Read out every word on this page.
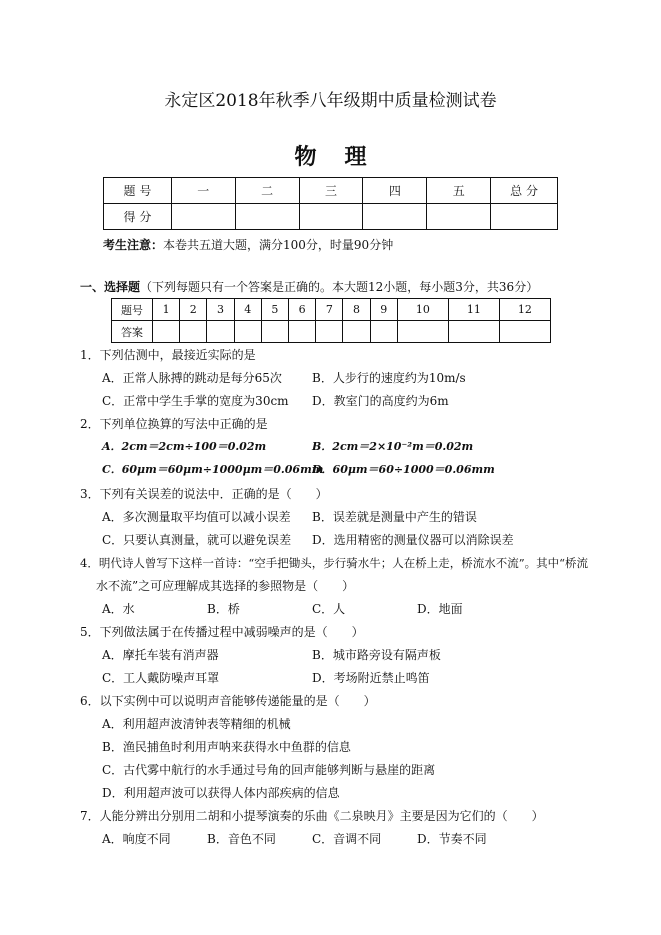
永定区2018年秋季八年级期中质量检测试卷
物理
题 号	一	二	三	四	五	总 分
得 分						
考生注意：本卷共五道大题，满分100分，时量90分钟
一、选择题（下列每题只有一个答案是正确的。本大题12小题，每小题3分，共36分）
题号	1	2	3	4	5	6	7	8	9	10	11	12
答案												
1．下列估测中，最接近实际的是
A．正常人脉搏的跳动是每分65次	B．人步行的速度约为10m/s
C．正常中学生手掌的宽度为30cm D．教室门的高度约为6m
2．下列单位换算的写法中正确的是
A．2cm＝2cm÷100＝0.02m	B．2cm＝2×10⁻²m＝0.02m
C．60μm＝60μm÷1000μm＝0.06mm
D．60μm＝60÷1000＝0.06mm
3．下列有关误差的说法中．正确的是（　　）
A．多次测量取平均值可以减小误差 B．误差就是测量中产生的错误
C．只要认真测量，就可以避免误差 D．选用精密的测量仪器可以消除误差
4．明代诗人曾写下这样一首诗：“空手把锄头，步行骑水牛；人在桥上走，桥流水不流”。其中“桥流
水不流”之可应理解成其选择的参照物是（　　）
A．水	B．桥	C．人	D．地面
5．下列做法属于在传播过程中减弱噪声的是（　　）
A．摩托车装有消声器	B．城市路旁设有隔声板
C．工人戴防噪声耳罩	D．考场附近禁止鸣笛
6．以下实例中可以说明声音能够传递能量的是（　　）
A．利用超声波清钟表等精细的机械
B．渔民捕鱼时利用声呐来获得水中鱼群的信息
C．古代雾中航行的水手通过号角的回声能够判断与悬崖的距离
D．利用超声波可以获得人体内部疾病的信息
7．人能分辨出分别用二胡和小提琴演奏的乐曲《二泉映月》主要是因为它们的（　　）
A．响度不同	B．音色不同	C．音调不同	D．节奏不同
